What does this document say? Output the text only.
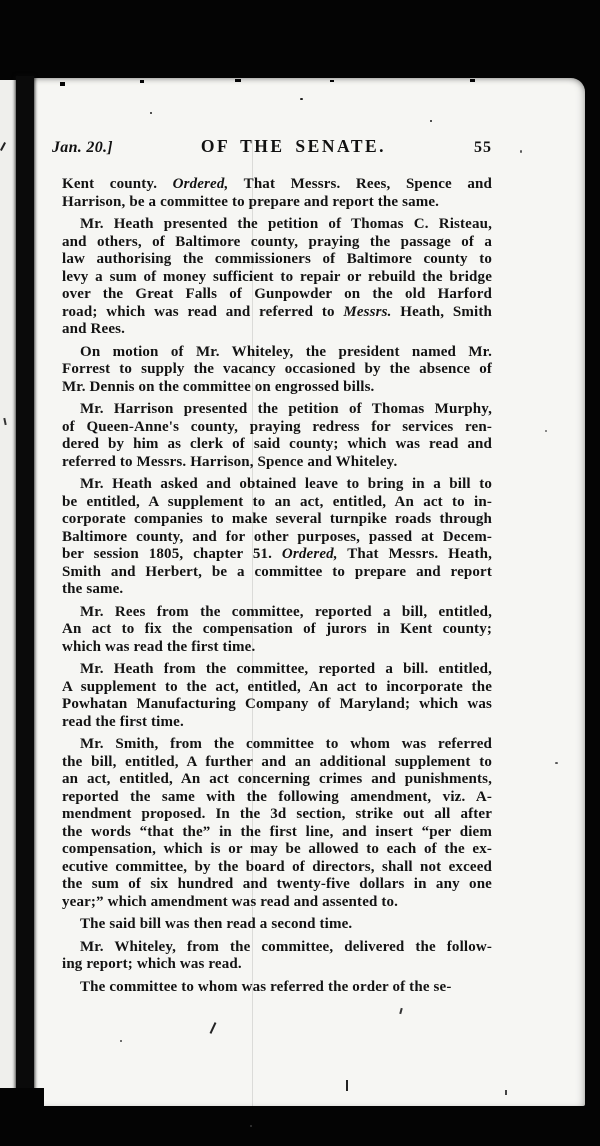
Jan. 20.]	OF THE SENATE.	55
Kent county. Ordered, That Messrs. Rees, Spence and
Harrison, be a committee to prepare and report the same.
Mr. Heath presented the petition of Thomas C. Risteau,
and others, of Baltimore county, praying the passage of a
law authorising the commissioners of Baltimore county to
levy a sum of money sufficient to repair or rebuild the bridge
over the Great Falls of Gunpowder on the old Harford
road; which was read and referred to Messrs. Heath, Smith
and Rees.
On motion of Mr. Whiteley, the president named Mr.
Forrest to supply the vacancy occasioned by the absence of
Mr. Dennis on the committee on engrossed bills.
Mr. Harrison presented the petition of Thomas Murphy,
of Queen-Anne's county, praying redress for services ren-
dered by him as clerk of said county; which was read and
referred to Messrs. Harrison, Spence and Whiteley.
Mr. Heath asked and obtained leave to bring in a bill to
be entitled, A supplement to an act, entitled, An act to in-
corporate companies to make several turnpike roads through
Baltimore county, and for other purposes, passed at Decem-
ber session 1805, chapter 51. Ordered, That Messrs. Heath,
Smith and Herbert, be a committee to prepare and report
the same.
Mr. Rees from the committee, reported a bill, entitled,
An act to fix the compensation of jurors in Kent county;
which was read the first time.
Mr. Heath from the committee, reported a bill. entitled,
A supplement to the act, entitled, An act to incorporate the
Powhatan Manufacturing Company of Maryland; which was
read the first time.
Mr. Smith, from the committee to whom was referred
the bill, entitled, A further and an additional supplement to
an act, entitled, An act concerning crimes and punishments,
reported the same with the following amendment, viz. A-
mendment proposed. In the 3d section, strike out all after
the words “that the” in the first line, and insert “per diem
compensation, which is or may be allowed to each of the ex-
ecutive committee, by the board of directors, shall not exceed
the sum of six hundred and twenty-five dollars in any one
year;” which amendment was read and assented to.
The said bill was then read a second time.
Mr. Whiteley, from the committee, delivered the follow-
ing report; which was read.
The committee to whom was referred the order of the se-
